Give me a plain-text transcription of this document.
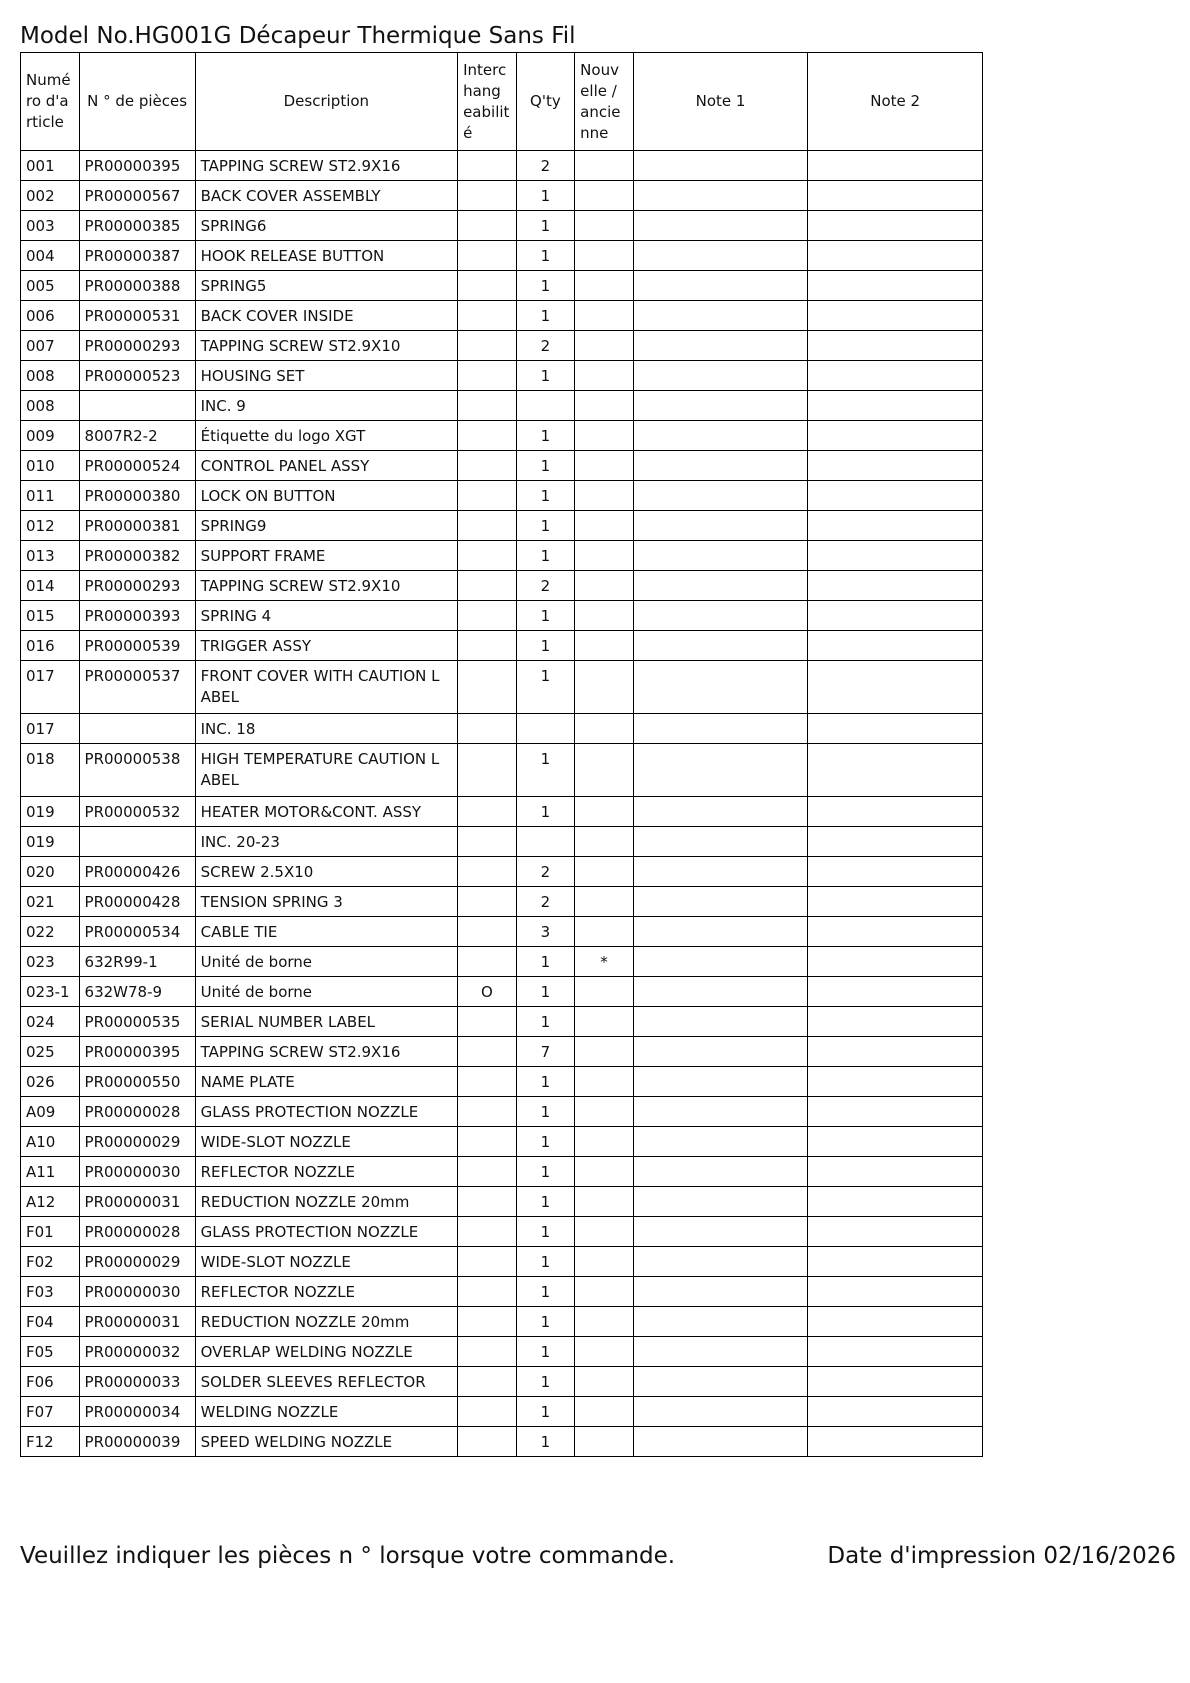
Model No.HG001G Décapeur Thermique Sans Fil
Numé ro d'a rticle	N ° de pièces	Description	Interc hang eabilit é	Q'ty	Nouv elle / ancie nne	Note 1	Note 2
001	PR00000395	TAPPING SCREW ST2.9X16		2			
002	PR00000567	BACK COVER ASSEMBLY		1			
003	PR00000385	SPRING6		1			
004	PR00000387	HOOK RELEASE BUTTON		1			
005	PR00000388	SPRING5		1			
006	PR00000531	BACK COVER INSIDE		1			
007	PR00000293	TAPPING SCREW ST2.9X10		2			
008	PR00000523	HOUSING SET		1			
008		INC. 9					
009	8007R2-2	Étiquette du logo XGT		1			
010	PR00000524	CONTROL PANEL ASSY		1			
011	PR00000380	LOCK ON BUTTON		1			
012	PR00000381	SPRING9		1			
013	PR00000382	SUPPORT FRAME		1			
014	PR00000293	TAPPING SCREW ST2.9X10		2			
015	PR00000393	SPRING 4		1			
016	PR00000539	TRIGGER ASSY		1			
017	PR00000537	FRONT COVER WITH CAUTION L ABEL		1			
017		INC. 18					
018	PR00000538	HIGH TEMPERATURE CAUTION L ABEL		1			
019	PR00000532	HEATER MOTOR&CONT. ASSY		1			
019		INC. 20-23					
020	PR00000426	SCREW 2.5X10		2			
021	PR00000428	TENSION SPRING 3		2			
022	PR00000534	CABLE TIE		3			
023	632R99-1	Unité de borne		1	*		
023-1	632W78-9	Unité de borne	O	1			
024	PR00000535	SERIAL NUMBER LABEL		1			
025	PR00000395	TAPPING SCREW ST2.9X16		7			
026	PR00000550	NAME PLATE		1			
A09	PR00000028	GLASS PROTECTION NOZZLE		1			
A10	PR00000029	WIDE-SLOT NOZZLE		1			
A11	PR00000030	REFLECTOR NOZZLE		1			
A12	PR00000031	REDUCTION NOZZLE 20mm		1			
F01	PR00000028	GLASS PROTECTION NOZZLE		1			
F02	PR00000029	WIDE-SLOT NOZZLE		1			
F03	PR00000030	REFLECTOR NOZZLE		1			
F04	PR00000031	REDUCTION NOZZLE 20mm		1			
F05	PR00000032	OVERLAP WELDING NOZZLE		1			
F06	PR00000033	SOLDER SLEEVES REFLECTOR		1			
F07	PR00000034	WELDING NOZZLE		1			
F12	PR00000039	SPEED WELDING NOZZLE		1			
Veuillez indiquer les pièces n ° lorsque votre commande.	Date d'impression 02/16/2026
